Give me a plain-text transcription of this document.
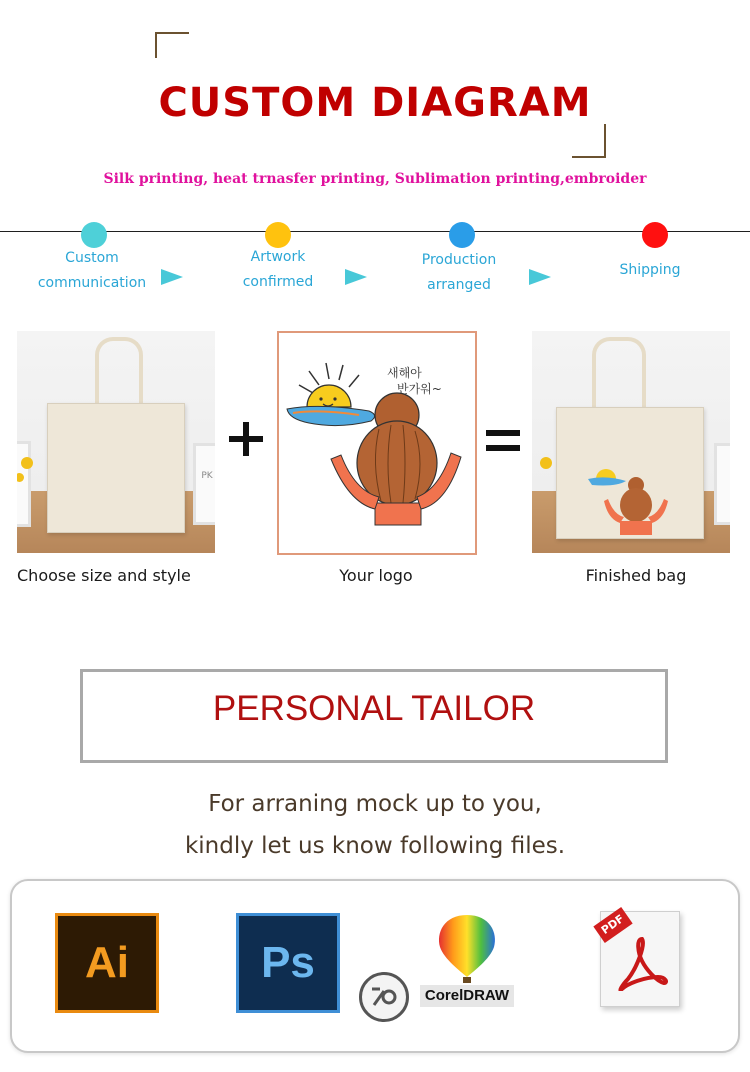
CUSTOM DIAGRAM
Silk printing, heat trnasfer printing, Sublimation printing,embroider
Custom
communication
Artwork
confirmed
Production
arranged
Shipping
PK
새해아
반가워~
Choose size and style	Your logo	Finished bag
PERSONAL TAILOR
For arraning mock up to you,
kindly let us know following files.
Ai	Ps
CorelDRAW
PDF
